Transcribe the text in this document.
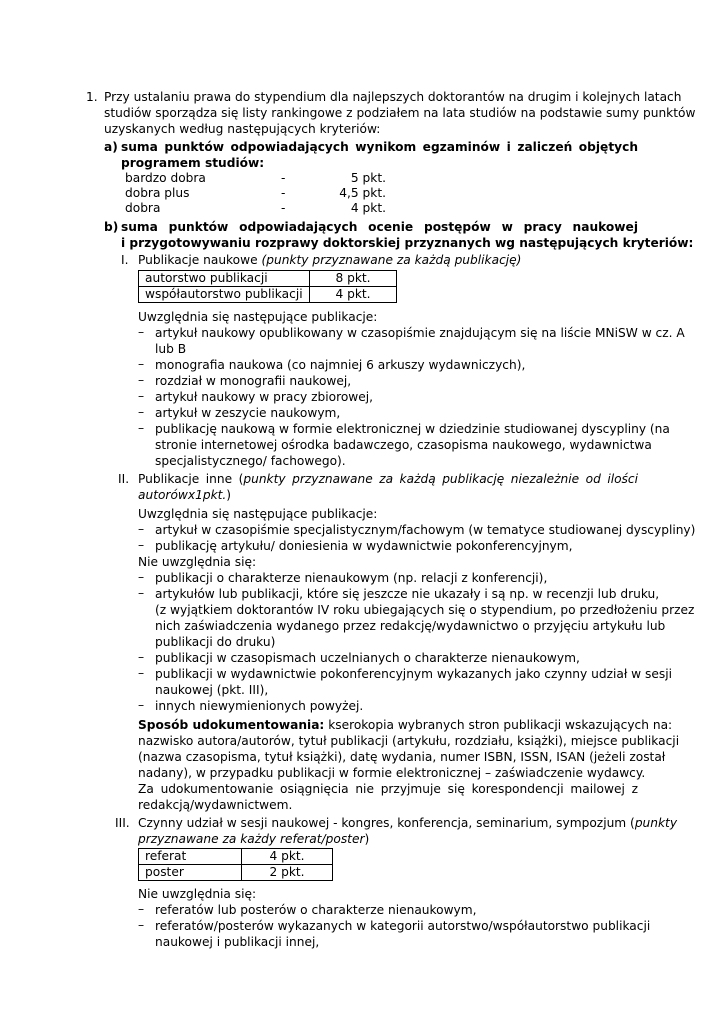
1. Przy ustalaniu prawa do stypendium dla najlepszych doktorantów na drugim i kolejnych latach
studiów sporządza się listy rankingowe z podziałem na lata studiów na podstawie sumy punktów
uzyskanych według następujących kryteriów:
a) suma punktów odpowiadających wynikom egzaminów i zaliczeń objętych
programem studiów:
bardzo dobra	-	5 pkt.
dobra plus	-	4,5 pkt.
dobra	-	4 pkt.
b) suma punktów odpowiadających ocenie postępów w pracy naukowej
i przygotowywaniu rozprawy doktorskiej przyznanych wg następujących kryteriów:
I. Publikacje naukowe (punkty przyznawane za każdą publikację)
autorstwo publikacji	8 pkt.
współautorstwo publikacji	4 pkt.
Uwzględnia się następujące publikacje:
– artykuł naukowy opublikowany w czasopiśmie znajdującym się na liście MNiSW w cz. A
lub B
– monografia naukowa (co najmniej 6 arkuszy wydawniczych),
– rozdział w monografii naukowej,
– artykuł naukowy w pracy zbiorowej,
– artykuł w zeszycie naukowym,
– publikację naukową w formie elektronicznej w dziedzinie studiowanej dyscypliny (na
stronie internetowej ośrodka badawczego, czasopisma naukowego, wydawnictwa
specjalistycznego/ fachowego).
II. Publikacje inne (punkty przyznawane za każdą publikację niezależnie od ilości
autorówx1pkt.)
Uwzględnia się następujące publikacje:
– artykuł w czasopiśmie specjalistycznym/fachowym (w tematyce studiowanej dyscypliny)
– publikację artykułu/ doniesienia w wydawnictwie pokonferencyjnym,
Nie uwzględnia się:
– publikacji o charakterze nienaukowym (np. relacji z konferencji),
– artykułów lub publikacji, które się jeszcze nie ukazały i są np. w recenzji lub druku,
(z wyjątkiem doktorantów IV roku ubiegających się o stypendium, po przedłożeniu przez
nich zaświadczenia wydanego przez redakcję/wydawnictwo o przyjęciu artykułu lub
publikacji do druku)
– publikacji w czasopismach uczelnianych o charakterze nienaukowym,
– publikacji w wydawnictwie pokonferencyjnym wykazanych jako czynny udział w sesji
naukowej (pkt. III),
– innych niewymienionych powyżej.
Sposób udokumentowania: kserokopia wybranych stron publikacji wskazujących na:
nazwisko autora/autorów, tytuł publikacji (artykułu, rozdziału, książki), miejsce publikacji
(nazwa czasopisma, tytuł książki), datę wydania, numer ISBN, ISSN, ISAN (jeżeli został
nadany), w przypadku publikacji w formie elektronicznej – zaświadczenie wydawcy.
Za udokumentowanie osiągnięcia nie przyjmuje się korespondencji mailowej z
redakcją/wydawnictwem.
III. Czynny udział w sesji naukowej - kongres, konferencja, seminarium, sympozjum (punkty
przyznawane za każdy referat/poster)
referat	4 pkt.
poster	2 pkt.
Nie uwzględnia się:
– referatów lub posterów o charakterze nienaukowym,
– referatów/posterów wykazanych w kategorii autorstwo/współautorstwo publikacji
naukowej i publikacji innej,
